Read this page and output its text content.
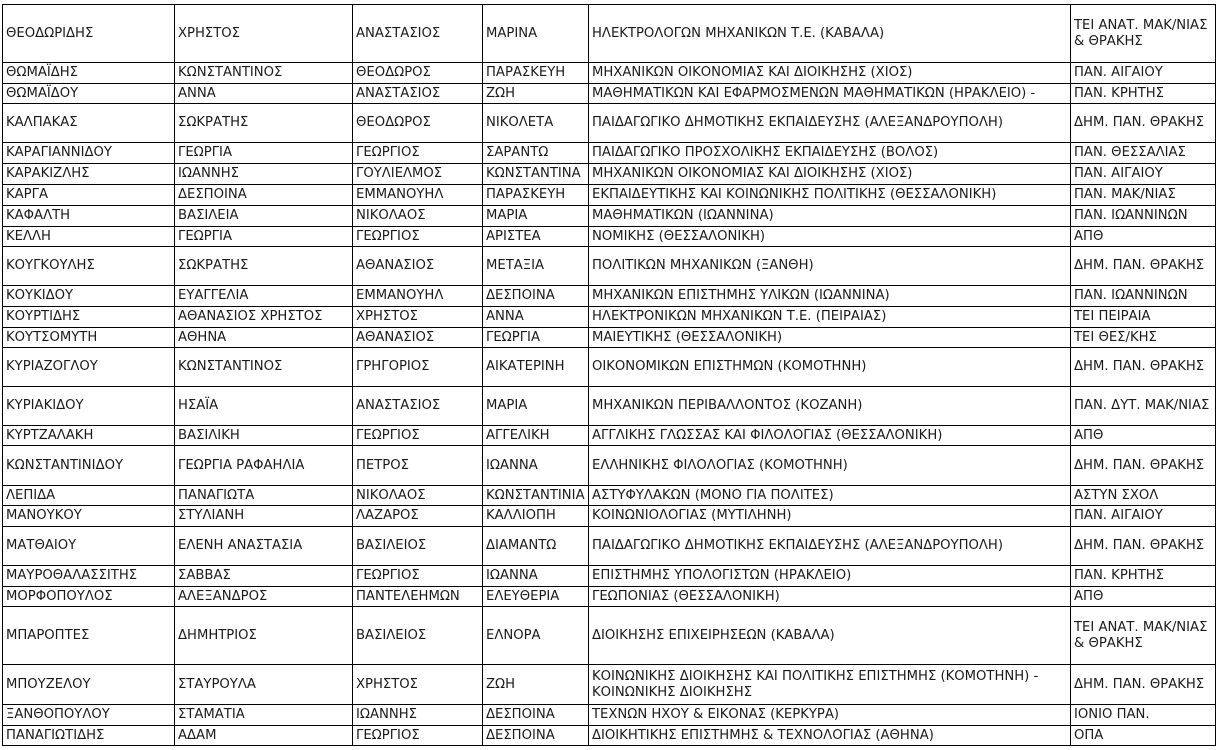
ΘΕΟΔΩΡΙΔΗΣ	ΧΡΗΣΤΟΣ	ΑΝΑΣΤΑΣΙΟΣ	ΜΑΡΙΝΑ	ΗΛΕΚΤΡΟΛΟΓΩΝ ΜΗΧΑΝΙΚΩΝ Τ.Ε. (ΚΑΒΑΛΑ)	ΤΕΙ ΑΝΑΤ. ΜΑΚ/ΝΙΑΣ & ΘΡΑΚΗΣ
ΘΩΜΑΪΔΗΣ	ΚΩΝΣΤΑΝΤΙΝΟΣ	ΘΕΟΔΩΡΟΣ	ΠΑΡΑΣΚΕΥΗ	ΜΗΧΑΝΙΚΩΝ ΟΙΚΟΝΟΜΙΑΣ ΚΑΙ ΔΙΟΙΚΗΣΗΣ (ΧΙΟΣ)	ΠΑΝ. ΑΙΓΑΙΟΥ
ΘΩΜΑΪΔΟΥ	ΑΝΝΑ	ΑΝΑΣΤΑΣΙΟΣ	ΖΩΗ	ΜΑΘΗΜΑΤΙΚΩΝ ΚΑΙ ΕΦΑΡΜΟΣΜΕΝΩΝ ΜΑΘΗΜΑΤΙΚΩΝ (ΗΡΑΚΛΕΙΟ) -	ΠΑΝ. ΚΡΗΤΗΣ
ΚΑΛΠΑΚΑΣ	ΣΩΚΡΑΤΗΣ	ΘΕΟΔΩΡΟΣ	ΝΙΚΟΛΕΤΑ	ΠΑΙΔΑΓΩΓΙΚΟ ΔΗΜΟΤΙΚΗΣ ΕΚΠΑΙΔΕΥΣΗΣ (ΑΛΕΞΑΝΔΡΟΥΠΟΛΗ)	ΔΗΜ. ΠΑΝ. ΘΡΑΚΗΣ
ΚΑΡΑΓΙΑΝΝΙΔΟΥ	ΓΕΩΡΓΙΑ	ΓΕΩΡΓΙΟΣ	ΣΑΡΑΝΤΩ	ΠΑΙΔΑΓΩΓΙΚΟ ΠΡΟΣΧΟΛΙΚΗΣ ΕΚΠΑΙΔΕΥΣΗΣ (ΒΟΛΟΣ)	ΠΑΝ. ΘΕΣΣΑΛΙΑΣ
ΚΑΡΑΚΙΖΛΗΣ	ΙΩΑΝΝΗΣ	ΓΟΥΛΙΕΛΜΟΣ	ΚΩΝΣΤΑΝΤΙΝΑ	ΜΗΧΑΝΙΚΩΝ ΟΙΚΟΝΟΜΙΑΣ ΚΑΙ ΔΙΟΙΚΗΣΗΣ (ΧΙΟΣ)	ΠΑΝ. ΑΙΓΑΙΟΥ
ΚΑΡΓΑ	ΔΕΣΠΟΙΝΑ	ΕΜΜΑΝΟΥΗΛ	ΠΑΡΑΣΚΕΥΗ	ΕΚΠΑΙΔΕΥΤΙΚΗΣ ΚΑΙ ΚΟΙΝΩΝΙΚΗΣ ΠΟΛΙΤΙΚΗΣ (ΘΕΣΣΑΛΟΝΙΚΗ)	ΠΑΝ. ΜΑΚ/ΝΙΑΣ
ΚΑΦΑΛΤΗ	ΒΑΣΙΛΕΙΑ	ΝΙΚΟΛΑΟΣ	ΜΑΡΙΑ	ΜΑΘΗΜΑΤΙΚΩΝ (ΙΩΑΝΝΙΝΑ)	ΠΑΝ. ΙΩΑΝΝΙΝΩΝ
ΚΕΛΛΗ	ΓΕΩΡΓΙΑ	ΓΕΩΡΓΙΟΣ	ΑΡΙΣΤΕΑ	ΝΟΜΙΚΗΣ (ΘΕΣΣΑΛΟΝΙΚΗ)	ΑΠΘ
ΚΟΥΓΚΟΥΛΗΣ	ΣΩΚΡΑΤΗΣ	ΑΘΑΝΑΣΙΟΣ	ΜΕΤΑΞΙΑ	ΠΟΛΙΤΙΚΩΝ ΜΗΧΑΝΙΚΩΝ (ΞΑΝΘΗ)	ΔΗΜ. ΠΑΝ. ΘΡΑΚΗΣ
ΚΟΥΚΙΔΟΥ	ΕΥΑΓΓΕΛΙΑ	ΕΜΜΑΝΟΥΗΛ	ΔΕΣΠΟΙΝΑ	ΜΗΧΑΝΙΚΩΝ ΕΠΙΣΤΗΜΗΣ ΥΛΙΚΩΝ (ΙΩΑΝΝΙΝΑ)	ΠΑΝ. ΙΩΑΝΝΙΝΩΝ
ΚΟΥΡΤΙΔΗΣ	ΑΘΑΝΑΣΙΟΣ ΧΡΗΣΤΟΣ	ΧΡΗΣΤΟΣ	ΑΝΝΑ	ΗΛΕΚΤΡΟΝΙΚΩΝ ΜΗΧΑΝΙΚΩΝ Τ.Ε. (ΠΕΙΡΑΙΑΣ)	ΤΕΙ ΠΕΙΡΑΙΑ
ΚΟΥΤΣΟΜΥΤΗ	ΑΘΗΝΑ	ΑΘΑΝΑΣΙΟΣ	ΓΕΩΡΓΙΑ	ΜΑΙΕΥΤΙΚΗΣ (ΘΕΣΣΑΛΟΝΙΚΗ)	ΤΕΙ ΘΕΣ/ΚΗΣ
ΚΥΡΙΑΖΟΓΛΟΥ	ΚΩΝΣΤΑΝΤΙΝΟΣ	ΓΡΗΓΟΡΙΟΣ	ΑΙΚΑΤΕΡΙΝΗ	ΟΙΚΟΝΟΜΙΚΩΝ ΕΠΙΣΤΗΜΩΝ (ΚΟΜΟΤΗΝΗ)	ΔΗΜ. ΠΑΝ. ΘΡΑΚΗΣ
ΚΥΡΙΑΚΙΔΟΥ	ΗΣΑΪΑ	ΑΝΑΣΤΑΣΙΟΣ	ΜΑΡΙΑ	ΜΗΧΑΝΙΚΩΝ ΠΕΡΙΒΑΛΛΟΝΤΟΣ (ΚΟΖΑΝΗ)	ΠΑΝ. ΔΥΤ. ΜΑΚ/ΝΙΑΣ
ΚΥΡΤΖΑΛΑΚΗ	ΒΑΣΙΛΙΚΗ	ΓΕΩΡΓΙΟΣ	ΑΓΓΕΛΙΚΗ	ΑΓΓΛΙΚΗΣ ΓΛΩΣΣΑΣ ΚΑΙ ΦΙΛΟΛΟΓΙΑΣ (ΘΕΣΣΑΛΟΝΙΚΗ)	ΑΠΘ
ΚΩΝΣΤΑΝΤΙΝΙΔΟΥ	ΓΕΩΡΓΙΑ ΡΑΦΑΗΛΙΑ	ΠΕΤΡΟΣ	ΙΩΑΝΝΑ	ΕΛΛΗΝΙΚΗΣ ΦΙΛΟΛΟΓΙΑΣ (ΚΟΜΟΤΗΝΗ)	ΔΗΜ. ΠΑΝ. ΘΡΑΚΗΣ
ΛΕΠΙΔΑ	ΠΑΝΑΓΙΩΤΑ	ΝΙΚΟΛΑΟΣ	ΚΩΝΣΤΑΝΤΙΝΙΑ	ΑΣΤΥΦΥΛΑΚΩΝ (ΜΟΝΟ ΓΙΑ ΠΟΛΙΤΕΣ)	ΑΣΤΥΝ ΣΧΟΛ
ΜΑΝΟΥΚΟΥ	ΣΤΥΛΙΑΝΗ	ΛΑΖΑΡΟΣ	ΚΑΛΛΙΟΠΗ	ΚΟΙΝΩΝΙΟΛΟΓΙΑΣ (ΜΥΤΙΛΗΝΗ)	ΠΑΝ. ΑΙΓΑΙΟΥ
ΜΑΤΘΑΙΟΥ	ΕΛΕΝΗ ΑΝΑΣΤΑΣΙΑ	ΒΑΣΙΛΕΙΟΣ	ΔΙΑΜΑΝΤΩ	ΠΑΙΔΑΓΩΓΙΚΟ ΔΗΜΟΤΙΚΗΣ ΕΚΠΑΙΔΕΥΣΗΣ (ΑΛΕΞΑΝΔΡΟΥΠΟΛΗ)	ΔΗΜ. ΠΑΝ. ΘΡΑΚΗΣ
ΜΑΥΡΟΘΑΛΑΣΣΙΤΗΣ	ΣΑΒΒΑΣ	ΓΕΩΡΓΙΟΣ	ΙΩΑΝΝΑ	ΕΠΙΣΤΗΜΗΣ ΥΠΟΛΟΓΙΣΤΩΝ (ΗΡΑΚΛΕΙΟ)	ΠΑΝ. ΚΡΗΤΗΣ
ΜΟΡΦΟΠΟΥΛΟΣ	ΑΛΕΞΑΝΔΡΟΣ	ΠΑΝΤΕΛΕΗΜΩΝ	ΕΛΕΥΘΕΡΙΑ	ΓΕΩΠΟΝΙΑΣ (ΘΕΣΣΑΛΟΝΙΚΗ)	ΑΠΘ
ΜΠΑΡΟΠΤΕΣ	ΔΗΜΗΤΡΙΟΣ	ΒΑΣΙΛΕΙΟΣ	ΕΛΝΟΡΑ	ΔΙΟΙΚΗΣΗΣ ΕΠΙΧΕΙΡΗΣΕΩΝ (ΚΑΒΑΛΑ)	ΤΕΙ ΑΝΑΤ. ΜΑΚ/ΝΙΑΣ & ΘΡΑΚΗΣ
ΜΠΟΥΖΕΛΟΥ	ΣΤΑΥΡΟΥΛΑ	ΧΡΗΣΤΟΣ	ΖΩΗ	ΚΟΙΝΩΝΙΚΗΣ ΔΙΟΙΚΗΣΗΣ ΚΑΙ ΠΟΛΙΤΙΚΗΣ ΕΠΙΣΤΗΜΗΣ (ΚΟΜΟΤΗΝΗ) - ΚΟΙΝΩΝΙΚΗΣ ΔΙΟΙΚΗΣΗΣ	ΔΗΜ. ΠΑΝ. ΘΡΑΚΗΣ
ΞΑΝΘΟΠΟΥΛΟΥ	ΣΤΑΜΑΤΙΑ	ΙΩΑΝΝΗΣ	ΔΕΣΠΟΙΝΑ	ΤΕΧΝΩΝ ΗΧΟΥ & ΕΙΚΟΝΑΣ (ΚΕΡΚΥΡΑ)	ΙΟΝΙΟ ΠΑΝ.
ΠΑΝΑΓΙΩΤΙΔΗΣ	ΑΔΑΜ	ΓΕΩΡΓΙΟΣ	ΔΕΣΠΟΙΝΑ	ΔΙΟΙΚΗΤΙΚΗΣ ΕΠΙΣΤΗΜΗΣ & ΤΕΧΝΟΛΟΓΙΑΣ (ΑΘΗΝΑ)	ΟΠΑ
